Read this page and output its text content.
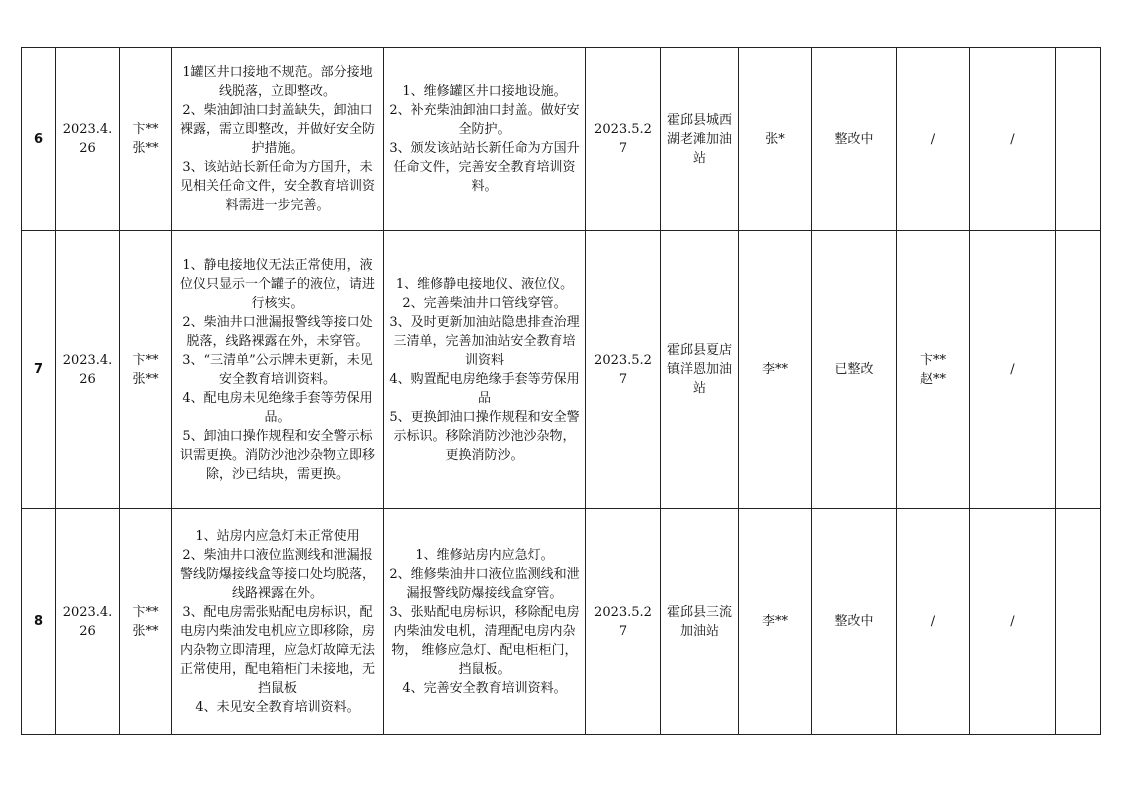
6	2023.4.26	卞**
张**	1罐区井口接地不规范。部分接地线脱落，立即整改。
2、柴油卸油口封盖缺失，卸油口裸露，需立即整改，并做好安全防护措施。
3、该站站长新任命为方国升，未见相关任命文件，安全教育培训资料需进一步完善。	1、维修罐区井口接地设施。
2、补充柴油卸油口封盖。做好安全防护。
3、颁发该站站长新任命为方国升任命文件，完善安全教育培训资料。	2023.5.27	霍邱县城西湖老滩加油站	张*	整改中	/	/	
7	2023.4.26	卞**
张**	1、静电接地仪无法正常使用，液位仪只显示一个罐子的液位，请进行核实。
2、柴油井口泄漏报警线等接口处脱落，线路裸露在外，未穿管。
3、“三清单”公示牌未更新，未见安全教育培训资料。
4、配电房未见绝缘手套等劳保用品。
5、卸油口操作规程和安全警示标识需更换。消防沙池沙杂物立即移除，沙已结块，需更换。	1、维修静电接地仪、液位仪。
2、完善柴油井口管线穿管。
3、及时更新加油站隐患排查治理三清单，完善加油站安全教育培训资料
4、购置配电房绝缘手套等劳保用品
5、更换卸油口操作规程和安全警示标识。移除消防沙池沙杂物，更换消防沙。	2023.5.27	霍邱县夏店镇洋恩加油站	李**	已整改	卞**
赵**	/	
8	2023.4.26	卞**
张**	1、站房内应急灯未正常使用
2、柴油井口液位监测线和泄漏报警线防爆接线盒等接口处均脱落，线路裸露在外。
3、配电房需张贴配电房标识，配电房内柴油发电机应立即移除，房内杂物立即清理，应急灯故障无法正常使用，配电箱柜门未接地，无挡鼠板
4、未见安全教育培训资料。	1、维修站房内应急灯。
2、维修柴油井口液位监测线和泄漏报警线防爆接线盒穿管。
3、张贴配电房标识，移除配电房内柴油发电机，清理配电房内杂物， 维修应急灯、配电柜柜门，挡鼠板。
4、完善安全教育培训资料。	2023.5.27	霍邱县三流加油站	李**	整改中	/	/	
